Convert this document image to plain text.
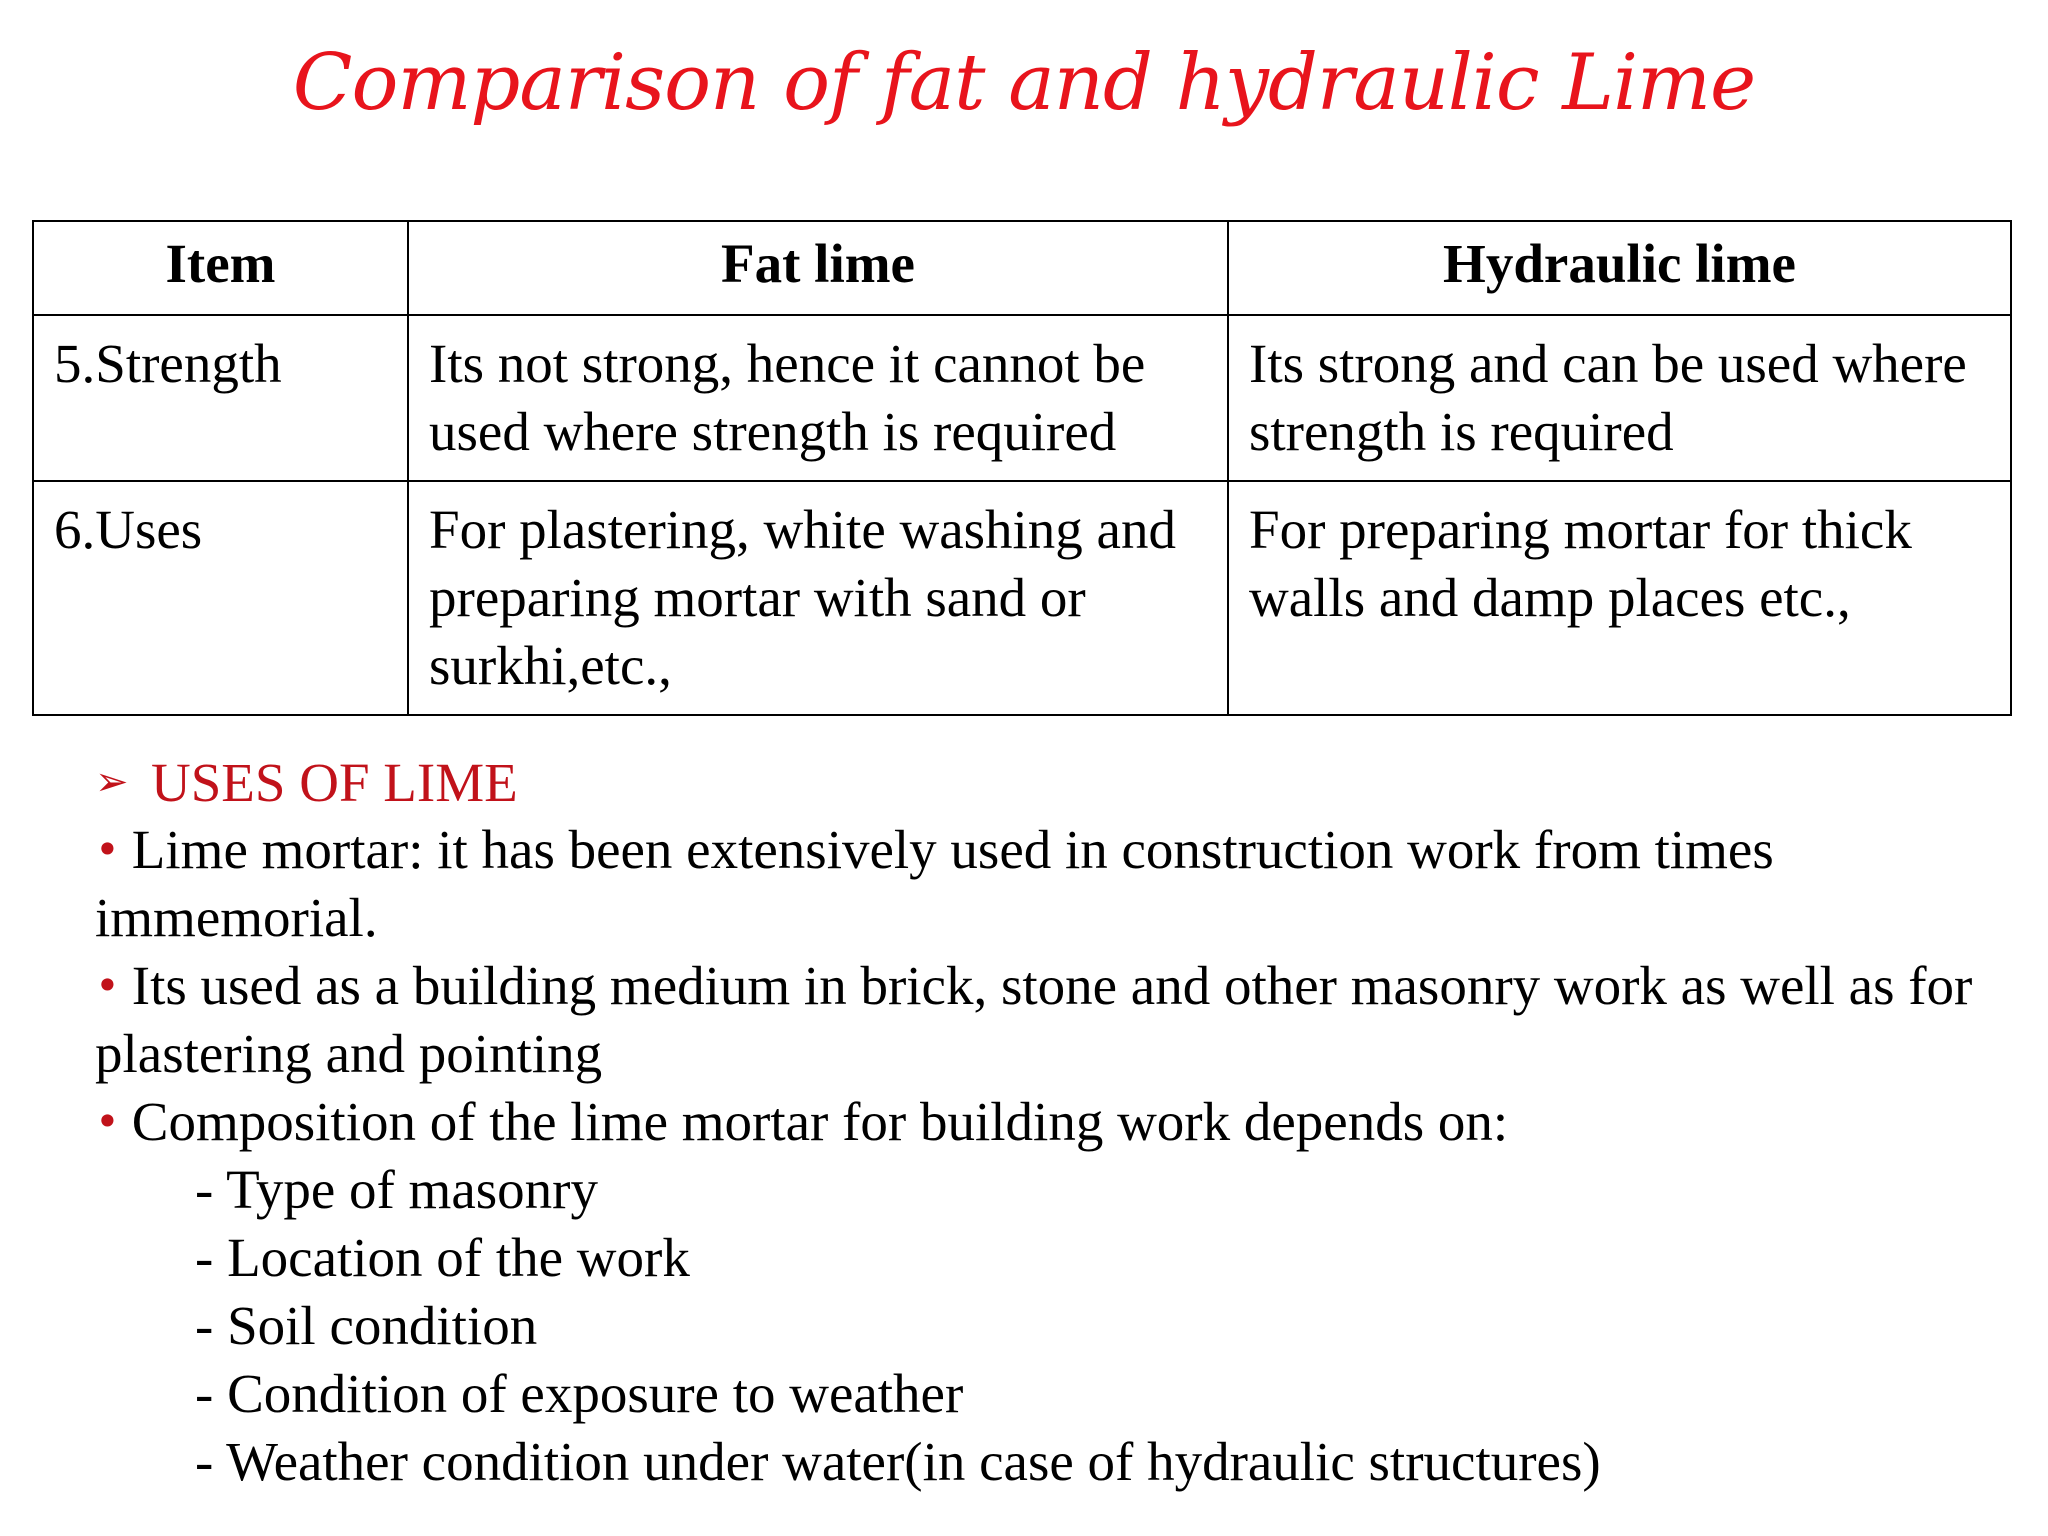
Comparison of fat and hydraulic Lime
Item	Fat lime	Hydraulic lime
5.Strength	Its not strong, hence it cannot be used where strength is required	Its strong and can be used where strength is required
6.Uses	For plastering, white washing and preparing mortar with sand or surkhi,etc.,	For preparing mortar for thick walls and damp places etc.,
➢ USES OF LIME
• Lime mortar: it has been extensively used in construction work from times immemorial.
• Its used as a building medium in brick, stone and other masonry work as well as for plastering and pointing
• Composition of the lime mortar for building work depends on:
- Type of masonry
- Location of the work
- Soil condition
- Condition of exposure to weather
- Weather condition under water(in case of hydraulic structures)
